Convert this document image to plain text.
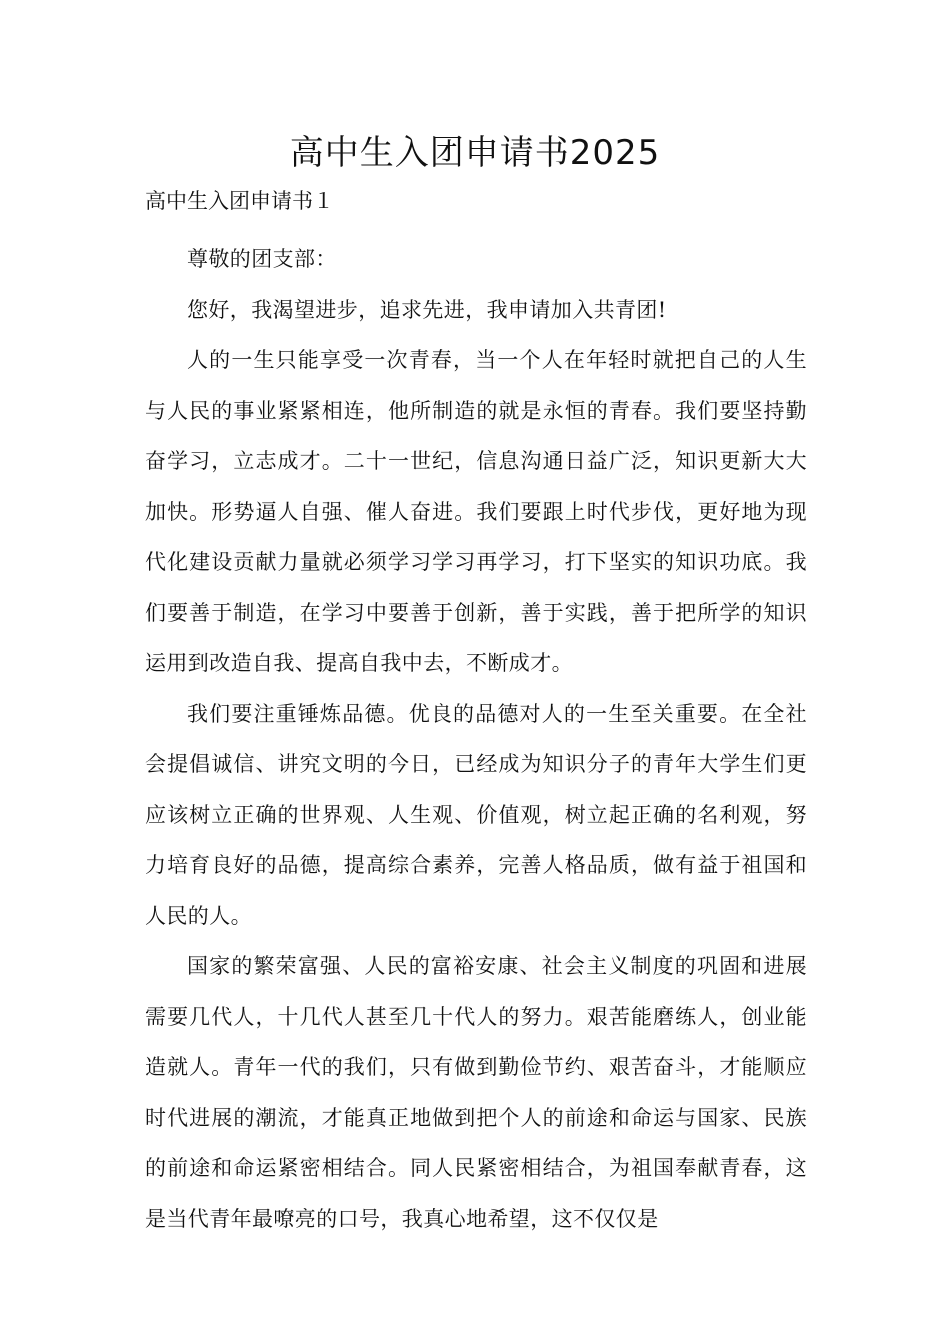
高中生入团申请书2025
高中生入团申请书１

尊敬的团支部：

您好，我渴望进步，追求先进，我申请加入共青团!

人的一生只能享受一次青春，当一个人在年轻时就把自己的人生与人民的事业紧紧相连，他所制造的就是永恒的青春。我们要坚持勤奋学习，立志成才。二十一世纪，信息沟通日益广泛，知识更新大大加快。形势逼人自强、催人奋进。我们要跟上时代步伐，更好地为现代化建设贡献力量就必须学习学习再学习，打下坚实的知识功底。我们要善于制造，在学习中要善于创新，善于实践，善于把所学的知识运用到改造自我、提高自我中去，不断成才。

我们要注重锤炼品德。优良的品德对人的一生至关重要。在全社会提倡诚信、讲究文明的今日，已经成为知识分子的青年大学生们更应该树立正确的世界观、人生观、价值观，树立起正确的名利观，努力培育良好的品德，提高综合素养，完善人格品质，做有益于祖国和人民的人。

国家的繁荣富强、人民的富裕安康、社会主义制度的巩固和进展需要几代人，十几代人甚至几十代人的努力。艰苦能磨练人，创业能造就人。青年一代的我们，只有做到勤俭节约、艰苦奋斗，才能顺应时代进展的潮流，才能真正地做到把个人的前途和命运与国家、民族的前途和命运紧密相结合。同人民紧密相结合，为祖国奉献青春，这是当代青年最嘹亮的口号，我真心地希望，这不仅仅是
